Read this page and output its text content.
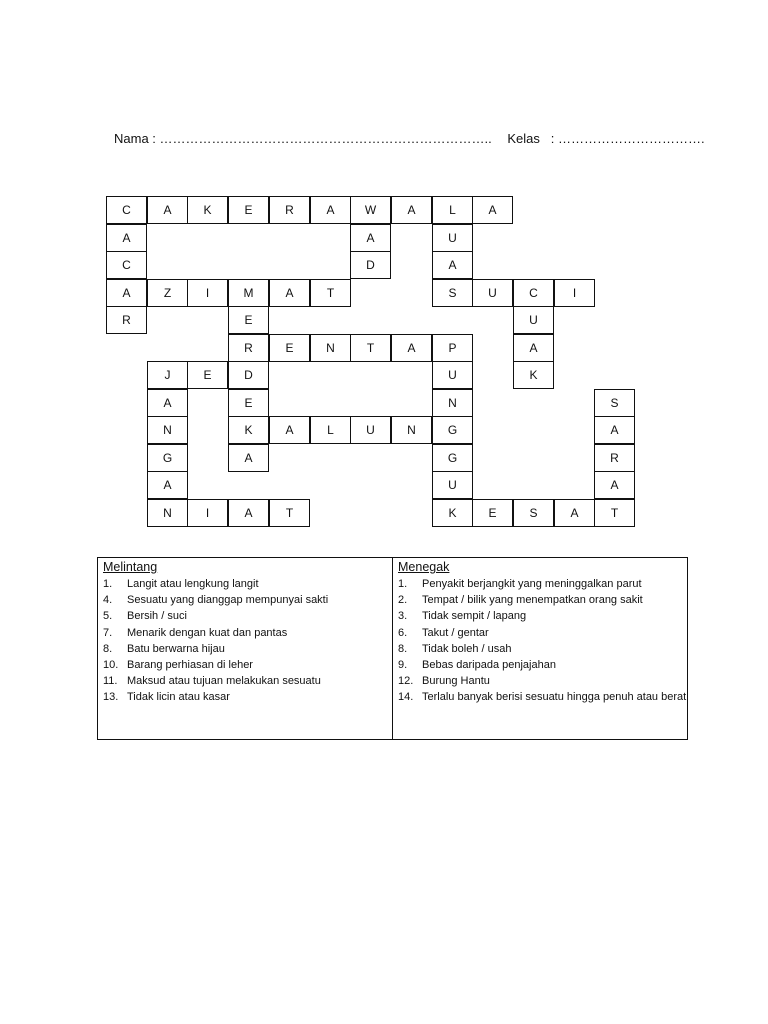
Nama : ………………………………………………………………….. Kelas : …………………………….
C	A	K	E	R	A	W	A	L	A
A	A	U
C	D	A
A	Z	I	M	A	T	S	U	C	I
R	E	U
R	E	N	T	A	P	A
J	E	D	U	K
A	E	N	S
N	K	A	L	U	N	G	A
G	A	G	R
A	U	A
N	I	A	T	K	E	S	A	T
Melintang
1.	Langit atau lengkung langit
4.	Sesuatu yang dianggap mempunyai sakti
5.	Bersih / suci
7.	Menarik dengan kuat dan pantas
8.	Batu berwarna hijau
10. Barang perhiasan di leher
11. Maksud atau tujuan melakukan sesuatu
13. Tidak licin atau kasar
Menegak
1.	Penyakit berjangkit yang meninggalkan parut
2.	Tempat / bilik yang menempatkan orang sakit
3.	Tidak sempit / lapang
6.	Takut / gentar
8.	Tidak boleh / usah
9.	Bebas daripada penjajahan
12. Burung Hantu
14. Terlalu banyak berisi sesuatu hingga penuh atau berat
